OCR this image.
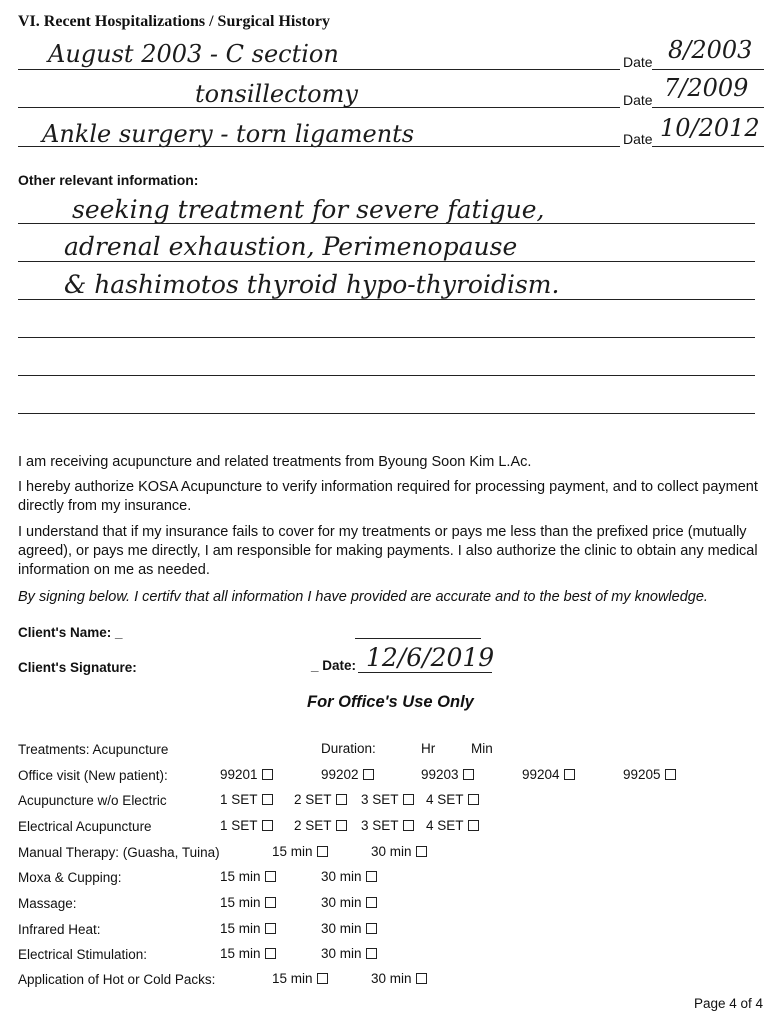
VI. Recent Hospitalizations / Surgical History
August 2003 - C section	Date 8/2003
tonsillectomy	Date 7/2009
Ankle surgery - torn ligaments	Date 10/2012
Other relevant information:
seeking treatment for severe fatigue,
adrenal exhaustion, Perimenopause
& hashimotos thyroid hypo-thyroidism.
I am receiving acupuncture and related treatments from Byoung Soon Kim L.Ac.
I hereby authorize KOSA Acupuncture to verify information required for processing payment, and to collect payment directly from my insurance.
I understand that if my insurance fails to cover for my treatments or pays me less than the prefixed price (mutually agreed), or pays me directly, I am responsible for making payments. I also authorize the clinic to obtain any medical information on me as needed.
By signing below. I certifv that all information I have provided are accurate and to the best of my knowledge.
Client's Name: _
Client's Signature:	_ Date: 12/6/2019
For Office's Use Only
Treatments: Acupuncture	Duration:	Hr	Min
Office visit (New patient):	99201	99202	99203	99204	99205
Acupuncture w/o Electric	1 SET	2 SET	3 SET	4 SET
Electrical Acupuncture	1 SET	2 SET	3 SET	4 SET
Manual Therapy: (Guasha, Tuina)	15 min	30 min
Moxa & Cupping:	15 min	30 min
Massage:	15 min	30 min
Infrared Heat:	15 min	30 min
Electrical Stimulation:	15 min	30 min
Application of Hot or Cold Packs:	15 min	30 min
Page 4 of 4
